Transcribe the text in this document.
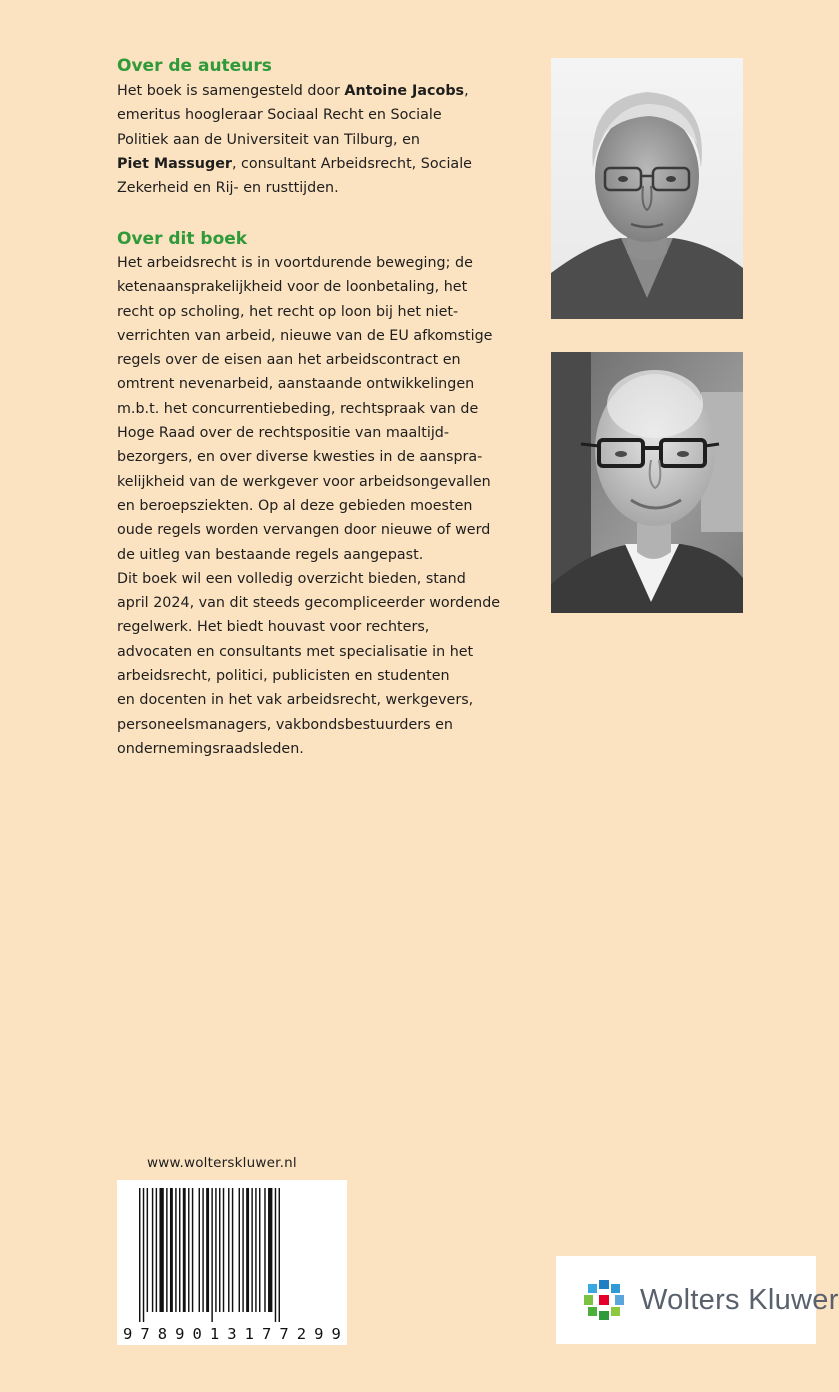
Over de auteurs
Het boek is samengesteld door Antoine Jacobs,
emeritus hoogleraar Sociaal Recht en Sociale
Politiek aan de Universiteit van Tilburg, en
Piet Massuger, consultant Arbeidsrecht, Sociale
Zekerheid en Rij- en rusttijden.
Over dit boek
Het arbeidsrecht is in voortdurende beweging; de
ketenaansprakelijkheid voor de loonbetaling, het
recht op scholing, het recht op loon bij het niet-
verrichten van arbeid, nieuwe van de EU afkomstige
regels over de eisen aan het arbeidscontract en
omtrent nevenarbeid, aanstaande ontwikkelingen
m.b.t. het concurrentiebeding, rechtspraak van de
Hoge Raad over de rechtspositie van maaltijd-
bezorgers, en over diverse kwesties in de aanspra-
kelijkheid van de werkgever voor arbeidsongevallen
en beroepsziekten. Op al deze gebieden moesten
oude regels worden vervangen door nieuwe of werd
de uitleg van bestaande regels aangepast.
Dit boek wil een volledig overzicht bieden, stand
april 2024, van dit steeds gecompliceerder wordende
regelwerk. Het biedt houvast voor rechters,
advocaten en consultants met specialisatie in het
arbeidsrecht, politici, publicisten en studenten
en docenten in het vak arbeidsrecht, werkgevers,
personeelsmanagers, vakbondsbestuurders en
ondernemingsraadsleden.
www.wolterskluwer.nl
9 7 8 9 0 1 3 1 7 7 2 9 9
Wolters Kluwer
